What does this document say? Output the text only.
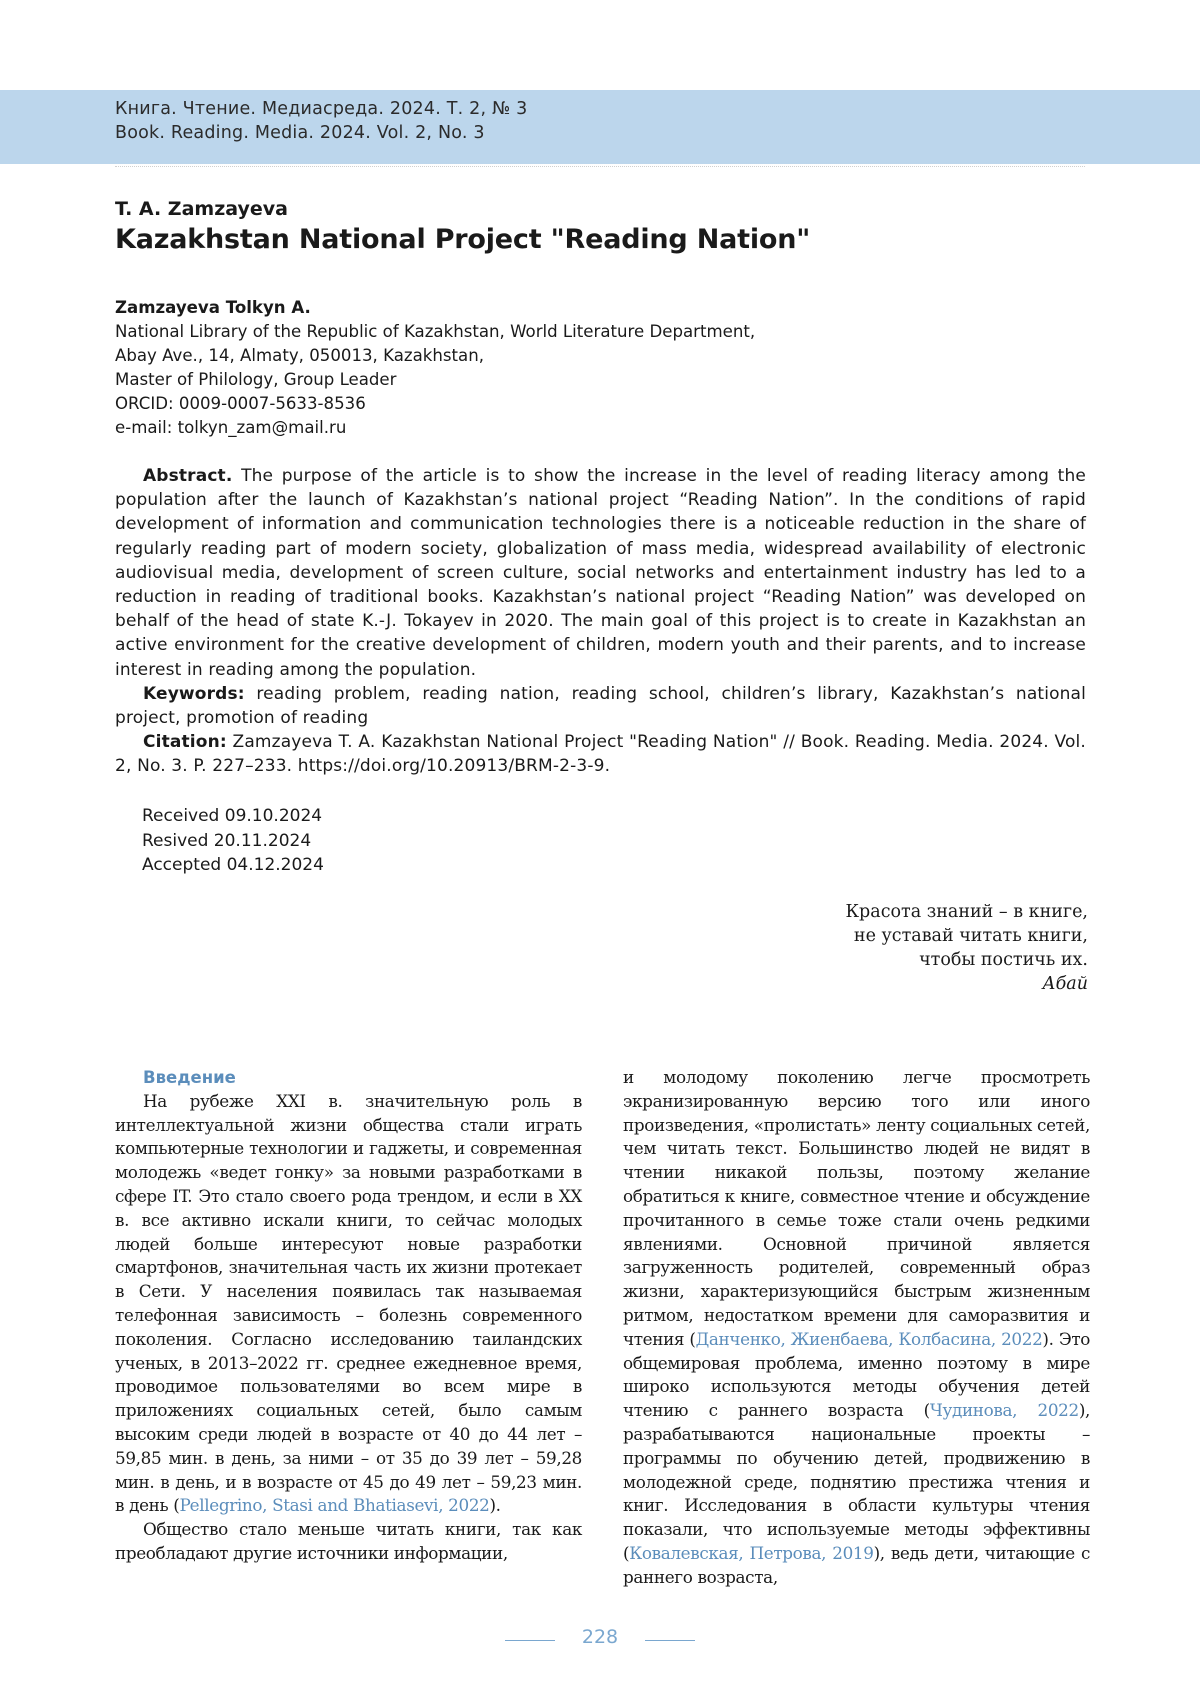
Книга. Чтение. Медиасреда. 2024. Т. 2, № 3
Book. Reading. Media. 2024. Vol. 2, No. 3
T. A. Zamzayeva
Kazakhstan National Project "Reading Nation"
Zamzayeva Tolkyn A.
National Library of the Republic of Kazakhstan, World Literature Department,
Abay Ave., 14, Almaty, 050013, Kazakhstan,
Master of Philology, Group Leader
ORCID: 0009-0007-5633-8536
e-mail: tolkyn_zam@mail.ru

Abstract. The purpose of the article is to show the increase in the level of reading literacy among the population after the launch of Kazakhstan’s national project “Reading Nation”. In the conditions of rapid development of information and communication technologies there is a noticeable reduction in the share of regularly reading part of modern society, globalization of mass media, widespread availability of electronic audiovisual media, development of screen culture, social networks and entertainment industry has led to a reduction in reading of traditional books. Kazakhstan’s national project “Reading Nation” was developed on behalf of the head of state K.-J. Tokayev in 2020. The main goal of this project is to create in Kazakhstan an active environment for the creative development of children, modern youth and their parents, and to increase interest in reading among the population.

Keywords: reading problem, reading nation, reading school, children’s library, Kazakhstan’s national project, promotion of reading

Citation: Zamzayeva T. A. Kazakhstan National Project "Reading Nation" // Book. Reading. Media. 2024. Vol. 2, No. 3. P. 227–233. https://doi.org/10.20913/BRM-2-3-9.

Received 09.10.2024
Resived 20.11.2024
Accepted 04.12.2024
Красота знаний – в книге,
не уставай читать книги,
чтобы постичь их.
Абай

Введение

На рубеже XXI в. значительную роль в интеллектуальной жизни общества стали играть компьютерные технологии и гаджеты, и современная молодежь «ведет гонку» за новыми разработками в сфере IT. Это стало своего рода трендом, и если в XX в. все активно искали книги, то сейчас молодых людей больше интересуют новые разработки смартфонов, значительная часть их жизни протекает в Сети. У населения появилась так называемая телефонная зависимость – болезнь современного поколения. Согласно исследованию таиландских ученых, в 2013–2022 гг. среднее ежедневное время, проводимое пользователями во всем мире в приложениях социальных сетей, было самым высоким среди людей в возрасте от 40 до 44 лет – 59,85 мин. в день, за ними – от 35 до 39 лет – 59,28 мин. в день, и в возрасте от 45 до 49 лет – 59,23 мин. в день (Pellegrino, Stasi and Bhatiasevi, 2022).

Общество стало меньше читать книги, так как преобладают другие источники информации,

и молодому поколению легче просмотреть экранизированную версию того или иного произведения, «пролистать» ленту социальных сетей, чем читать текст. Большинство людей не видят в чтении никакой пользы, поэтому желание обратиться к книге, совместное чтение и обсуждение прочитанного в семье тоже стали очень редкими явлениями. Основной причиной является загруженность родителей, современный образ жизни, характеризующийся быстрым жизненным ритмом, недостатком времени для саморазвития и чтения (Данченко, Жиенбаева, Колбасина, 2022). Это общемировая проблема, именно поэтому в мире широко используются методы обучения детей чтению с раннего возраста (Чудинова, 2022), разрабатываются национальные проекты – программы по обучению детей, продвижению в молодежной среде, поднятию престижа чтения и книг. Исследования в области культуры чтения показали, что используемые методы эффективны (Ковалевская, Петрова, 2019), ведь дети, читающие с раннего возраста,

228
